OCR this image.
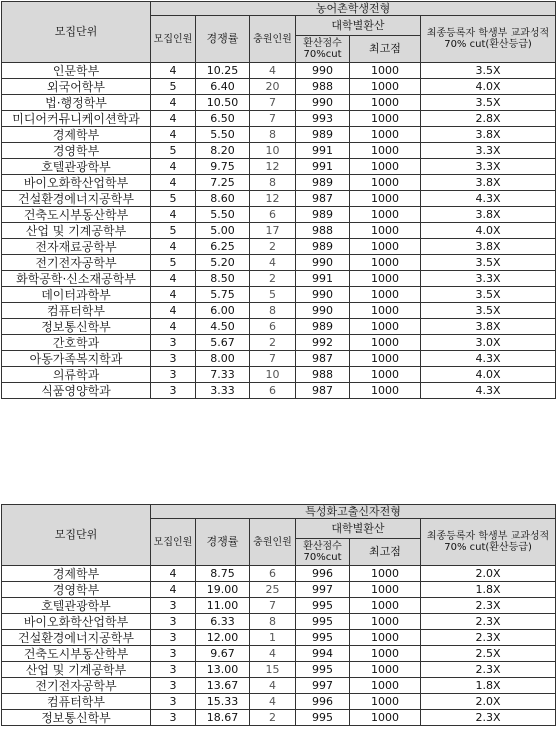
모집단위	농어촌학생전형					
	모집인원	경쟁률	충원인원	대학별환산		최종등록자 학생부 교과성적 70% cut(환산등급)
				환산점수 70%cut	최고점	
인문학부	4	10.25	4	990	1000	3.5X
외국어학부	5	6.40	20	988	1000	4.0X
법·행정학부	4	10.50	7	990	1000	3.5X
미디어커뮤니케이션학과	4	6.50	7	993	1000	2.8X
경제학부	4	5.50	8	989	1000	3.8X
경영학부	5	8.20	10	991	1000	3.3X
호텔관광학부	4	9.75	12	991	1000	3.3X
바이오화학산업학부	4	7.25	8	989	1000	3.8X
건설환경에너지공학부	5	8.60	12	987	1000	4.3X
건축도시부동산학부	4	5.50	6	989	1000	3.8X
산업 및 기계공학부	5	5.00	17	988	1000	4.0X
전자재료공학부	4	6.25	2	989	1000	3.8X
전기전자공학부	5	5.20	4	990	1000	3.5X
화학공학·신소재공학부	4	8.50	2	991	1000	3.3X
데이터과학부	4	5.75	5	990	1000	3.5X
컴퓨터학부	4	6.00	8	990	1000	3.5X
정보통신학부	4	4.50	6	989	1000	3.8X
간호학과	3	5.67	2	992	1000	3.0X
아동가족복지학과	3	8.00	7	987	1000	4.3X
의류학과	3	7.33	10	988	1000	4.0X
식품영양학과	3	3.33	6	987	1000	4.3X
모집단위	특성화고출신자전형					
	모집인원	경쟁률	충원인원	대학별환산		최종등록자 학생부 교과성적 70% cut(환산등급)
				환산점수 70%cut	최고점	
경제학부	4	8.75	6	996	1000	2.0X
경영학부	4	19.00	25	997	1000	1.8X
호텔관광학부	3	11.00	7	995	1000	2.3X
바이오화학산업학부	3	6.33	8	995	1000	2.3X
건설환경에너지공학부	3	12.00	1	995	1000	2.3X
건축도시부동산학부	3	9.67	4	994	1000	2.5X
산업 및 기계공학부	3	13.00	15	995	1000	2.3X
전기전자공학부	3	13.67	4	997	1000	1.8X
컴퓨터학부	3	15.33	4	996	1000	2.0X
정보통신학부	3	18.67	2	995	1000	2.3X
